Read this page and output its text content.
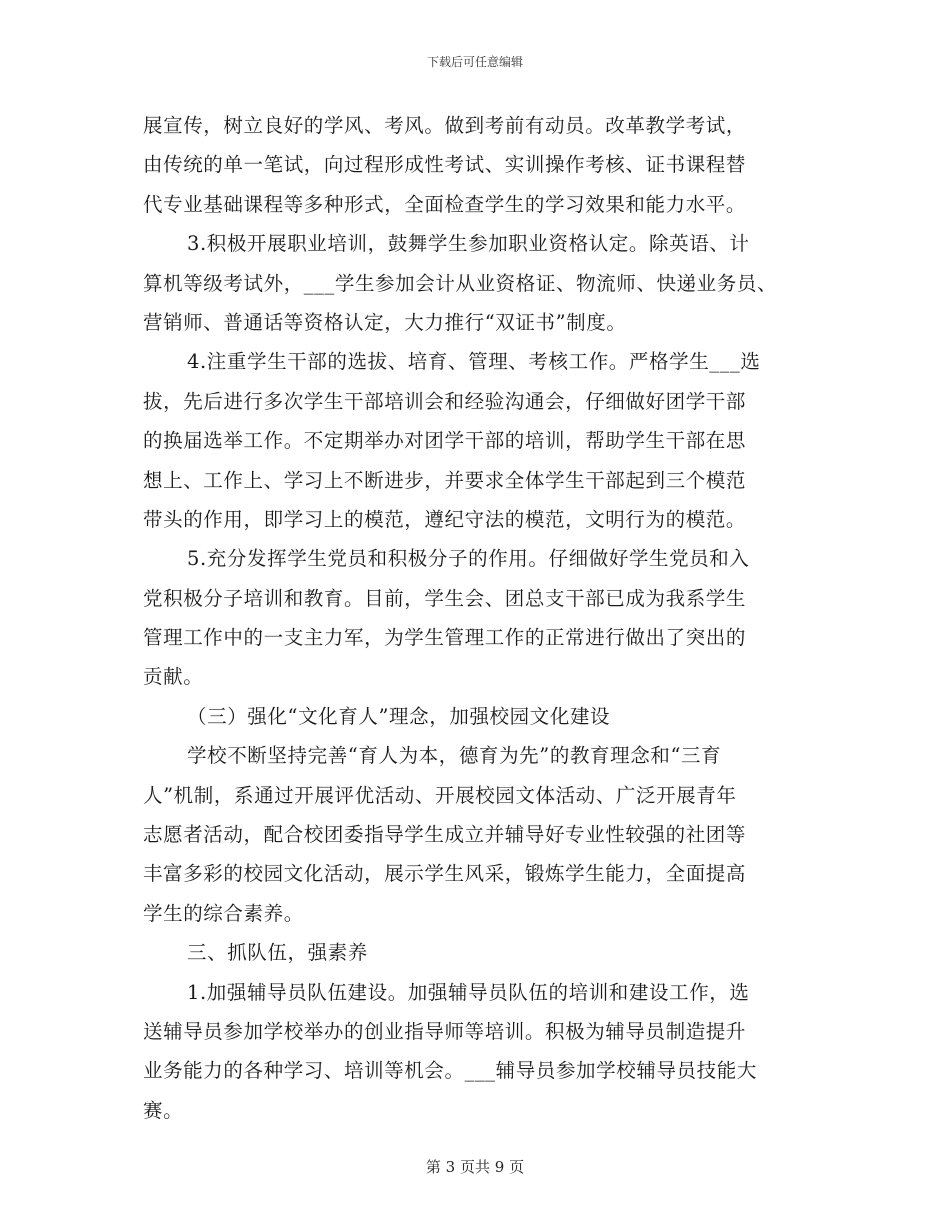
下载后可任意编辑
展宣传，树立良好的学风、考风。做到考前有动员。改革教学考试，
由传统的单一笔试，向过程形成性考试、实训操作考核、证书课程替
代专业基础课程等多种形式，全面检查学生的学习效果和能力水平。
3.积极开展职业培训，鼓舞学生参加职业资格认定。除英语、计
算机等级考试外，___学生参加会计从业资格证、物流师、快递业务员、
营销师、普通话等资格认定，大力推行“双证书”制度。
4.注重学生干部的选拔、培育、管理、考核工作。严格学生___选
拔，先后进行多次学生干部培训会和经验沟通会，仔细做好团学干部
的换届选举工作。不定期举办对团学干部的培训，帮助学生干部在思
想上、工作上、学习上不断进步，并要求全体学生干部起到三个模范
带头的作用，即学习上的模范，遵纪守法的模范，文明行为的模范。
5.充分发挥学生党员和积极分子的作用。仔细做好学生党员和入
党积极分子培训和教育。目前，学生会、团总支干部已成为我系学生
管理工作中的一支主力军，为学生管理工作的正常进行做出了突出的
贡献。
（三）强化“文化育人”理念，加强校园文化建设
学校不断坚持完善“育人为本，德育为先”的教育理念和“三育
人”机制，系通过开展评优活动、开展校园文体活动、广泛开展青年
志愿者活动，配合校团委指导学生成立并辅导好专业性较强的社团等
丰富多彩的校园文化活动，展示学生风采，锻炼学生能力，全面提高
学生的综合素养。
三、抓队伍，强素养
1.加强辅导员队伍建设。加强辅导员队伍的培训和建设工作，选
送辅导员参加学校举办的创业指导师等培训。积极为辅导员制造提升
业务能力的各种学习、培训等机会。___辅导员参加学校辅导员技能大
赛。
第 3 页共 9 页
